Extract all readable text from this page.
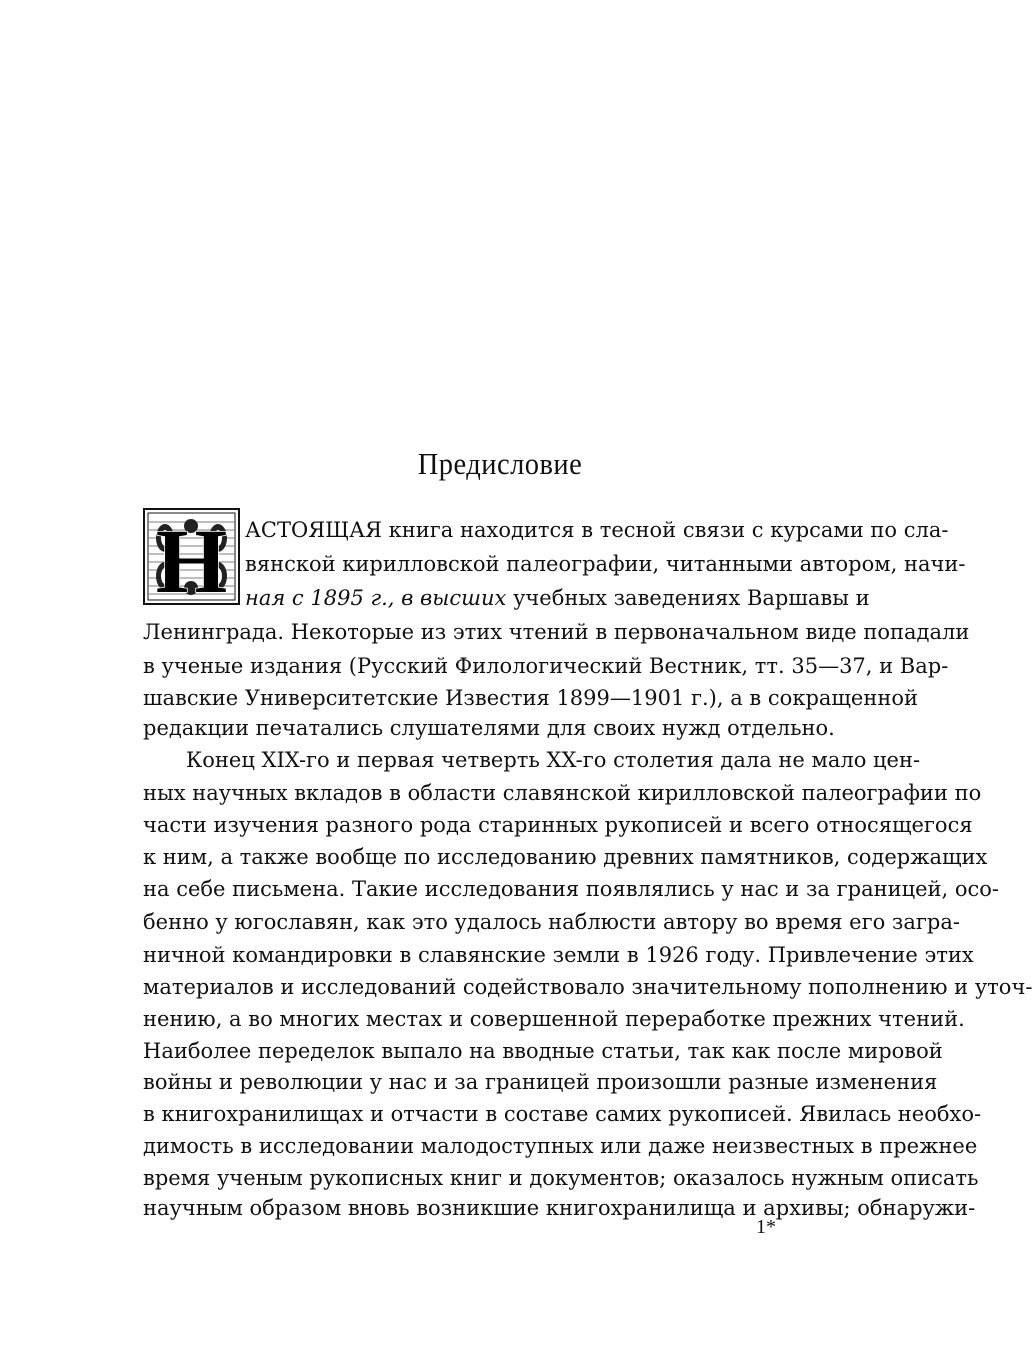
Предисловие
Н АСТОЯЩАЯ книга находится в тесной связи с курсами по сла-
вянской кирилловской палеографии, читанными автором, начи-
ная с 1895 г., в высших учебных заведениях Варшавы и
Ленинграда. Некоторые из этих чтений в первоначальном виде попадали
в ученые издания (Русский Филологический Вестник, тт. 35—37, и Вар-
шавские Университетские Известия 1899—1901 г.), а в сокращенной
редакции печатались слушателями для своих нужд отдельно.
Конец XIX-го и первая четверть XX-го столетия дала не мало цен-
ных научных вкладов в области славянской кирилловской палеографии по
части изучения разного рода старинных рукописей и всего относящегося
к ним, а также вообще по исследованию древних памятников, содержащих
на себе письмена. Такие исследования появлялись у нас и за границей, осо-
бенно у югославян, как это удалось наблюсти автору во время его загра-
ничной командировки в славянские земли в 1926 году. Привлечение этих
материалов и исследований содействовало значительному пополнению и уточ-
нению, а во многих местах и совершенной переработке прежних чтений.
Наиболее переделок выпало на вводные статьи, так как после мировой
войны и революции у нас и за границей произошли разные изменения
в книгохранилищах и отчасти в составе самих рукописей. Явилась необхо-
димость в исследовании малодоступных или даже неизвестных в прежнее
время ученым рукописных книг и документов; оказалось нужным описать
научным образом вновь возникшие книгохранилища и архивы; обнаружи-
1*
